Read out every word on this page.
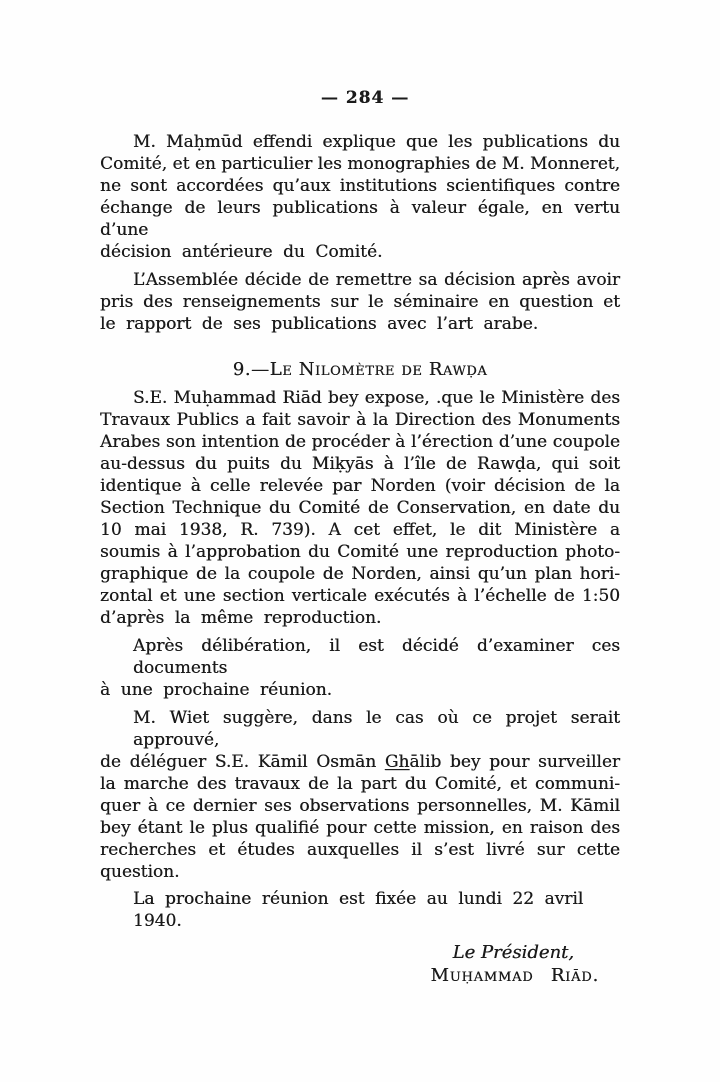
— 284 —
M. Maḥmūd effendi explique que les publications du
Comité, et en particulier les monographies de M. Monneret,
ne sont accordées qu’aux institutions scientifiques contre
échange de leurs publications à valeur égale, en vertu d’une
décision antérieure du Comité.
L’Assemblée décide de remettre sa décision après avoir
pris des renseignements sur le séminaire en question et
le rapport de ses publications avec l’art arabe.
9.—Le Nilomètre de Rawḍa
S.E. Muḥammad Riād bey expose, .que le Ministère des
Travaux Publics a fait savoir à la Direction des Monuments
Arabes son intention de procéder à l’érection d’une coupole
au-dessus du puits du Miḳyās à l’île de Rawḍa, qui soit
identique à celle relevée par Norden (voir décision de la
Section Technique du Comité de Conservation, en date du
10 mai 1938, R. 739). A cet effet, le dit Ministère a
soumis à l’approbation du Comité une reproduction photo-
graphique de la coupole de Norden, ainsi qu’un plan hori-
zontal et une section verticale exécutés à l’échelle de 1:50
d’après la même reproduction.
Après délibération, il est décidé d’examiner ces documents
à une prochaine réunion.
M. Wiet suggère, dans le cas où ce projet serait approuvé,
de déléguer S.E. Kāmil Osmān Ghālib bey pour surveiller
la marche des travaux de la part du Comité, et communi-
quer à ce dernier ses observations personnelles, M. Kāmil
bey étant le plus qualifié pour cette mission, en raison des
recherches et études auxquelles il s’est livré sur cette
question.
La prochaine réunion est fixée au lundi 22 avril 1940.
Le Président,
Muḥammad Riād.
